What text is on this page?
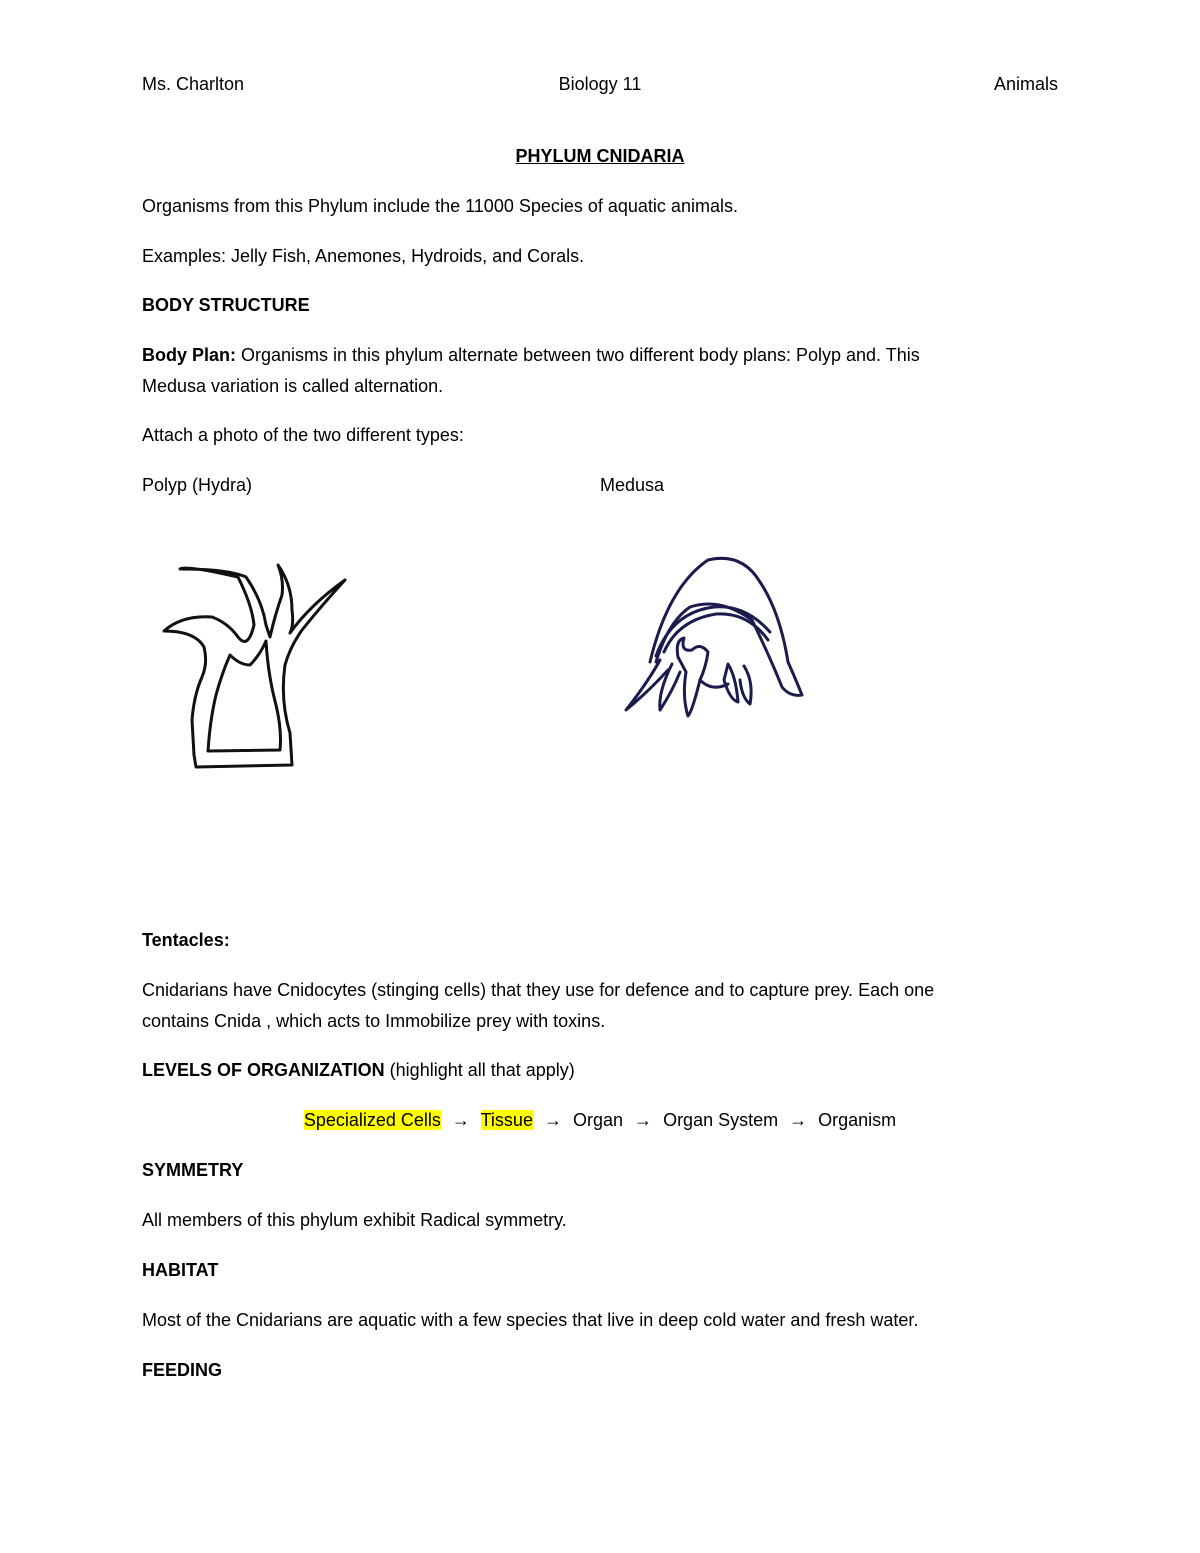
Ms. Charlton	Biology 11	Animals
PHYLUM CNIDARIA
Organisms from this Phylum include the 11000 Species of aquatic animals.
Examples: Jelly Fish, Anemones, Hydroids, and Corals.
BODY STRUCTURE
Body Plan: Organisms in this phylum alternate between two different body plans: Polyp and. This
Medusa variation is called alternation.
Attach a photo of the two different types:
Polyp (Hydra)	Medusa
Tentacles:
Cnidarians have Cnidocytes (stinging cells) that they use for defence and to capture prey. Each one
contains Cnida , which acts to Immobilize prey with toxins.
LEVELS OF ORGANIZATION (highlight all that apply)
Specialized Cells → Tissue → Organ → Organ System → Organism
SYMMETRY
All members of this phylum exhibit Radical symmetry.
HABITAT
Most of the Cnidarians are aquatic with a few species that live in deep cold water and fresh water.
FEEDING
